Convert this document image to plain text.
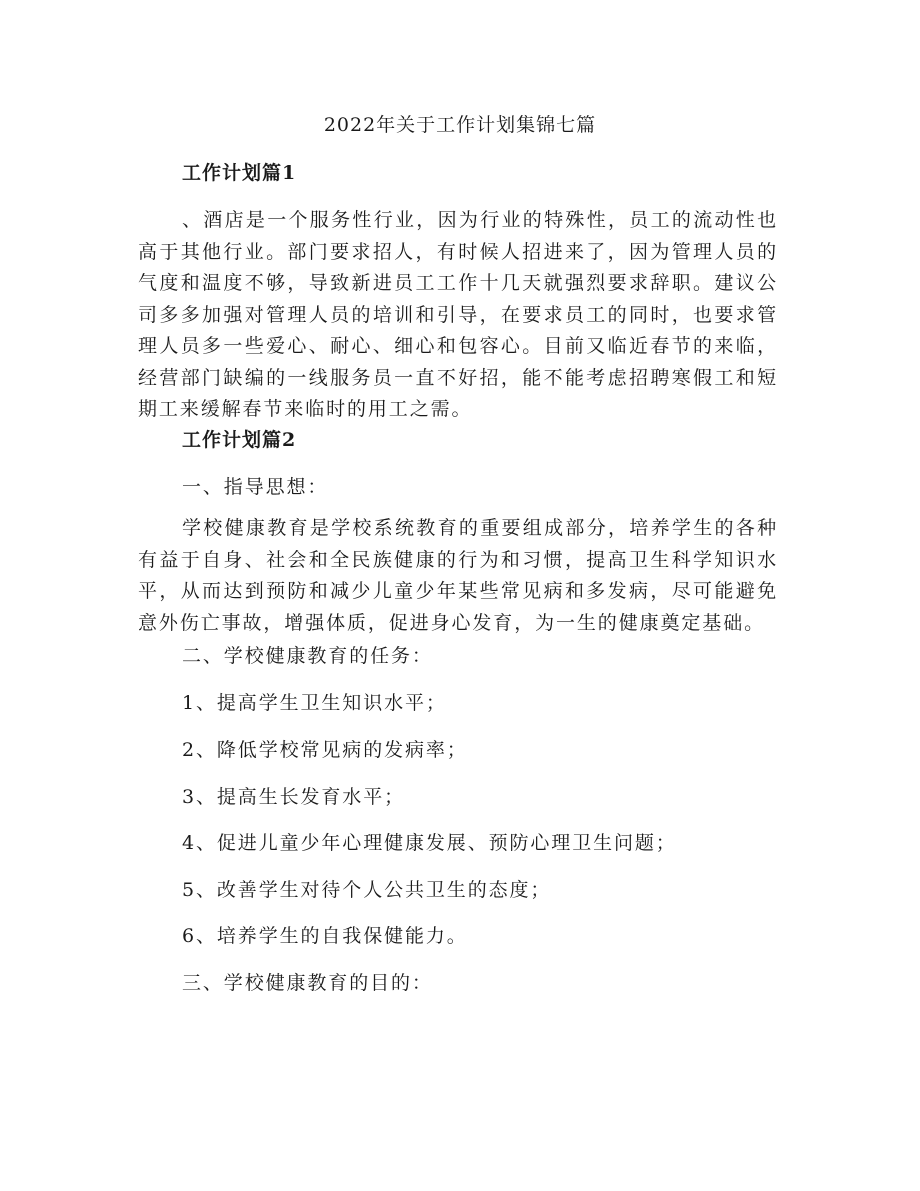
2022年关于工作计划集锦七篇
工作计划篇1
、酒店是一个服务性行业，因为行业的特殊性，员工的流动性也高于其他行业。部门要求招人，有时候人招进来了，因为管理人员的气度和温度不够，导致新进员工工作十几天就强烈要求辞职。建议公司多多加强对管理人员的培训和引导，在要求员工的同时，也要求管理人员多一些爱心、耐心、细心和包容心。目前又临近春节的来临，经营部门缺编的一线服务员一直不好招，能不能考虑招聘寒假工和短期工来缓解春节来临时的用工之需。
工作计划篇2
一、指导思想：
学校健康教育是学校系统教育的重要组成部分，培养学生的各种有益于自身、社会和全民族健康的行为和习惯，提高卫生科学知识水平，从而达到预防和减少儿童少年某些常见病和多发病，尽可能避免意外伤亡事故，增强体质，促进身心发育，为一生的健康奠定基础。
二、学校健康教育的任务：
1、提高学生卫生知识水平；
2、降低学校常见病的发病率；
3、提高生长发育水平；
4、促进儿童少年心理健康发展、预防心理卫生问题；
5、改善学生对待个人公共卫生的态度；
6、培养学生的自我保健能力。
三、学校健康教育的目的：
